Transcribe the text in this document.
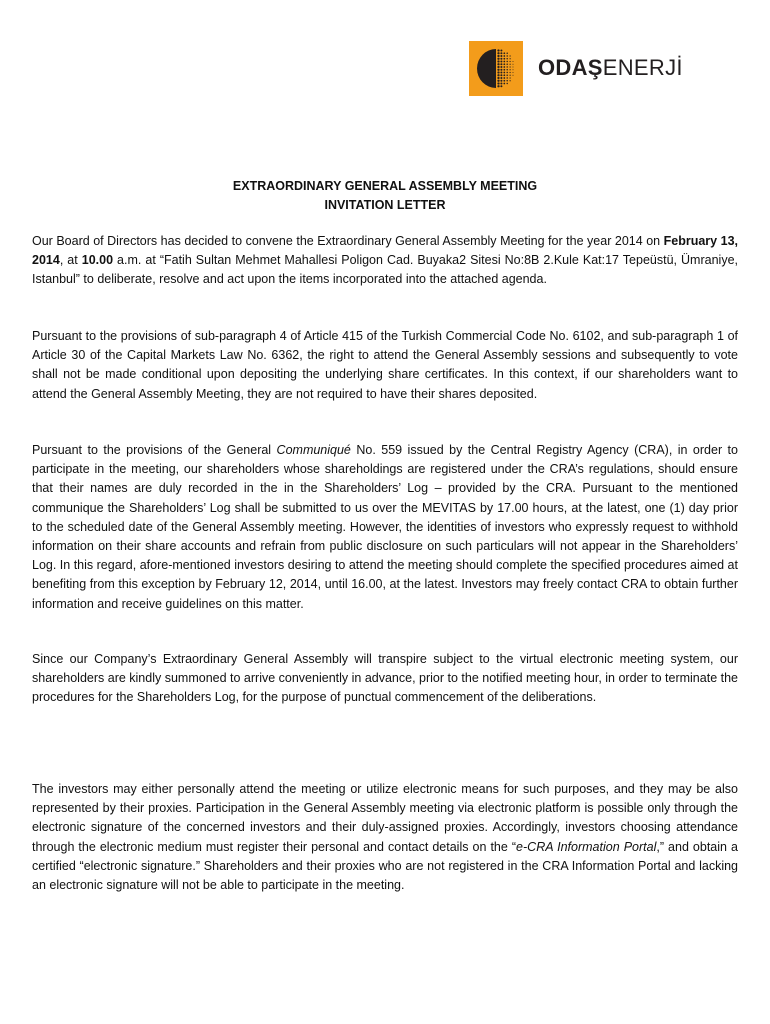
ODAŞENERJİ
EXTRAORDINARY GENERAL ASSEMBLY MEETING
INVITATION LETTER

Our Board of Directors has decided to convene the Extraordinary General Assembly Meeting for the year 2014 on February 13, 2014, at 10.00 a.m. at “Fatih Sultan Mehmet Mahallesi Poligon Cad. Buyaka2 Sitesi No:8B 2.Kule Kat:17 Tepeüstü, Ümraniye, Istanbul” to deliberate, resolve and act upon the items incorporated into the attached agenda.

Pursuant to the provisions of sub-paragraph 4 of Article 415 of the Turkish Commercial Code No. 6102, and sub-paragraph 1 of Article 30 of the Capital Markets Law No. 6362, the right to attend the General Assembly sessions and subsequently to vote shall not be made conditional upon depositing the underlying share certificates. In this context, if our shareholders want to attend the General Assembly Meeting, they are not required to have their shares deposited.

Pursuant to the provisions of the General Communiqué No. 559 issued by the Central Registry Agency (CRA), in order to participate in the meeting, our shareholders whose shareholdings are registered under the CRA’s regulations, should ensure that their names are duly recorded in the in the Shareholders’ Log – provided by the CRA. Pursuant to the mentioned communique the Shareholders’ Log shall be submitted to us over the MEVITAS by 17.00 hours, at the latest, one (1) day prior to the scheduled date of the General Assembly meeting. However, the identities of investors who expressly request to withhold information on their share accounts and refrain from public disclosure on such particulars will not appear in the Shareholders’ Log. In this regard, afore-mentioned investors desiring to attend the meeting should complete the specified procedures aimed at benefiting from this exception by February 12, 2014, until 16.00, at the latest. Investors may freely contact CRA to obtain further information and receive guidelines on this matter.

Since our Company’s Extraordinary General Assembly will transpire subject to the virtual electronic meeting system, our shareholders are kindly summoned to arrive conveniently in advance, prior to the notified meeting hour, in order to terminate the procedures for the Shareholders Log, for the purpose of punctual commencement of the deliberations.

The investors may either personally attend the meeting or utilize electronic means for such purposes, and they may be also represented by their proxies. Participation in the General Assembly meeting via electronic platform is possible only through the electronic signature of the concerned investors and their duly-assigned proxies. Accordingly, investors choosing attendance through the electronic medium must register their personal and contact details on the “e-CRA Information Portal,” and obtain a certified “electronic signature.” Shareholders and their proxies who are not registered in the CRA Information Portal and lacking an electronic signature will not be able to participate in the meeting.
